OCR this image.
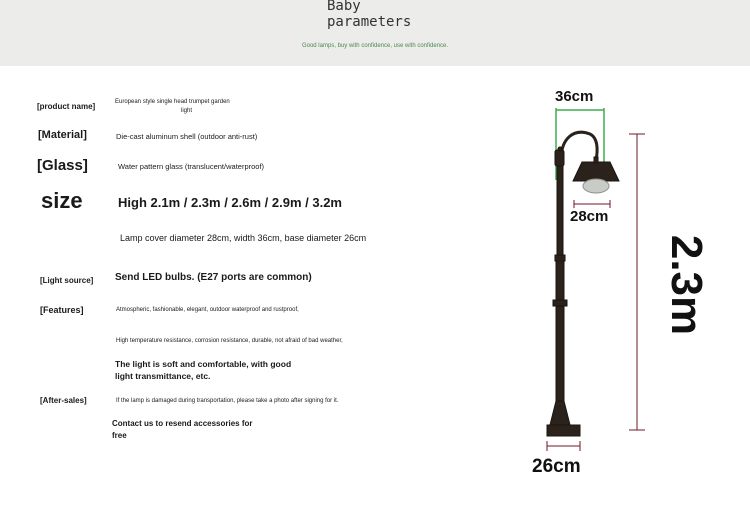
Baby
parameters
Good lamps, buy with confidence, use with confidence.
[product name]	European style single head trumpet garden
light
[Material]	Die-cast aluminum shell (outdoor anti-rust)
[Glass]	Water pattern glass (translucent/waterproof)
size	High 2.1m / 2.3m / 2.6m / 2.9m / 3.2m
Lamp cover diameter 28cm, width 36cm, base diameter 26cm
[Light source] Send LED bulbs. (E27 ports are common)
[Features]	Atmospheric, fashionable, elegant, outdoor waterproof and rustproof,
High temperature resistance, corrosion resistance, durable, not afraid of bad weather,
The light is soft and comfortable, with good
light transmittance, etc.
[After-sales]	If the lamp is damaged during transportation, please take a photo after signing for it.
Contact us to resend accessories for
free
36cm
28cm
2.3m
26cm
